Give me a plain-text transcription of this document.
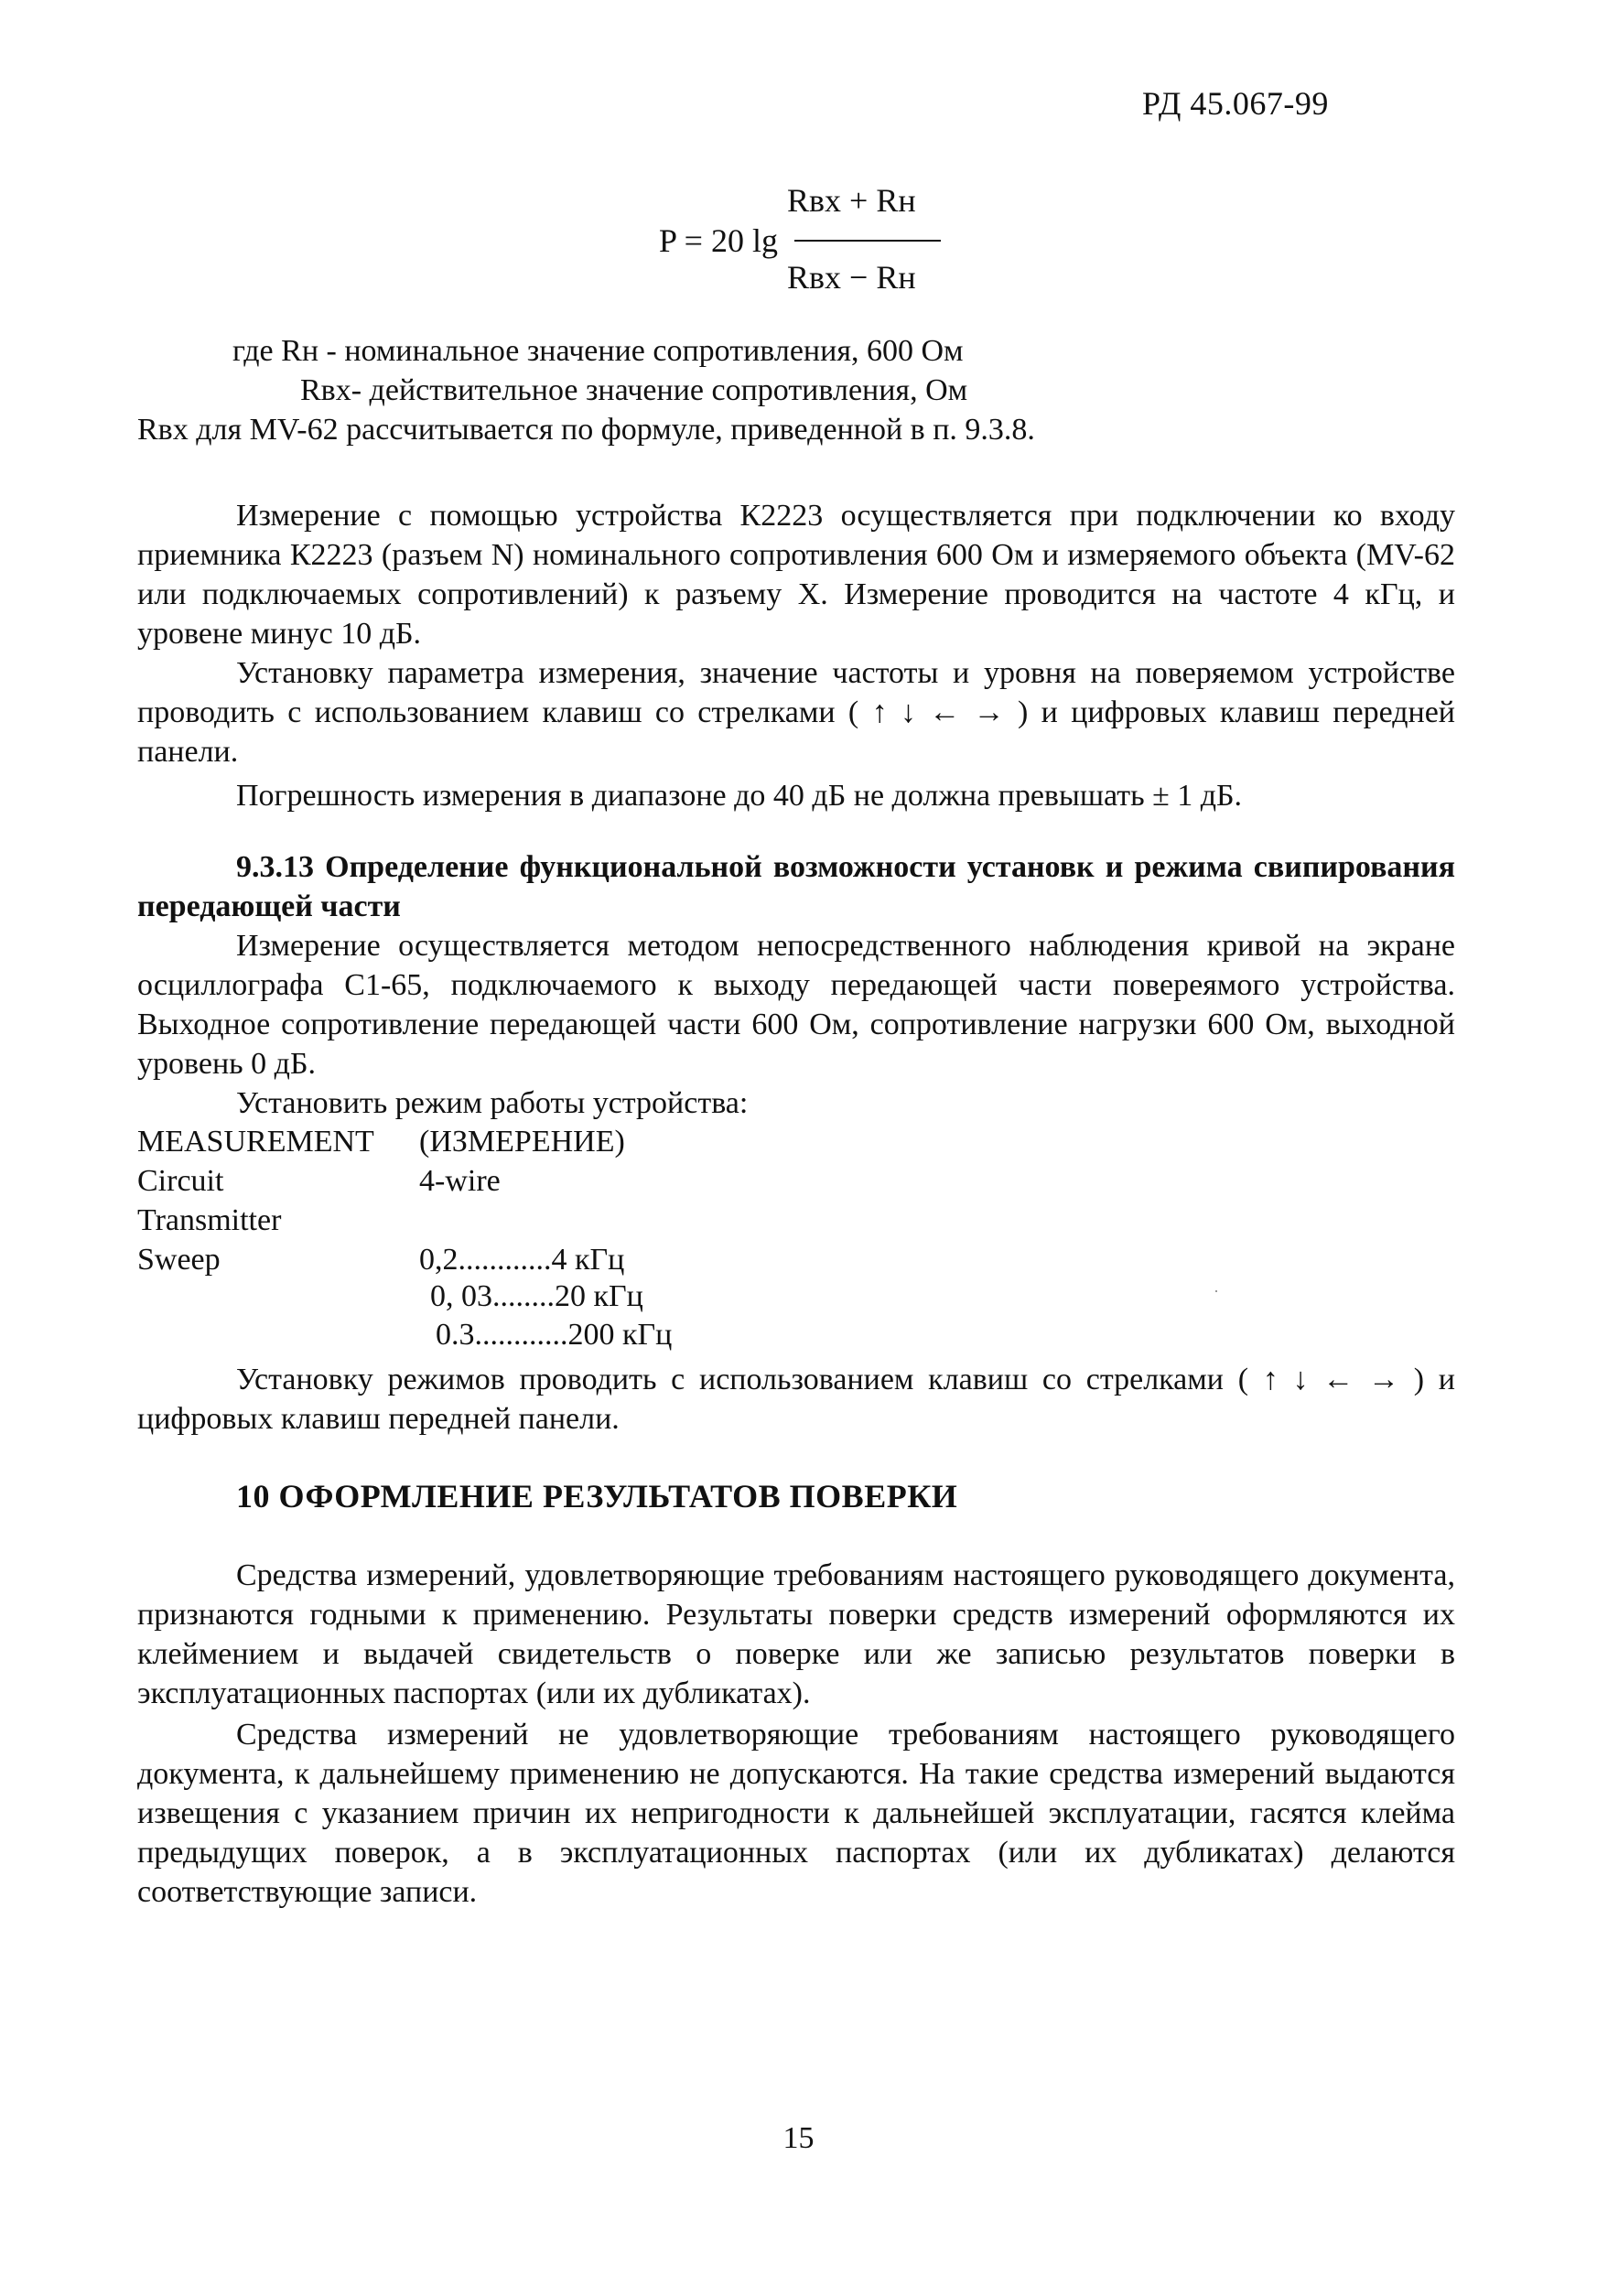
РД 45.067-99
P = 20 lg
Rвх + Rн
Rвх − Rн
где Rн - номинальное значение сопротивления, 600 Ом
Rвх- действительное значение сопротивления, Ом
Rвх для MV-62 рассчитывается по формуле, приведенной в п. 9.3.8.
Измерение с помощью устройства К2223 осуществляется при подключении ко входу приемника К2223 (разъем N) номинального сопротивления 600 Ом и измеряемого объекта (MV-62 или подключаемых сопротивлений) к разъему X. Измерение проводится на частоте 4 кГц, и уровене минус 10 дБ.
Установку параметра измерения, значение частоты и уровня на поверяемом устройстве проводить с использованием клавиш со стрелками ( ↑ ↓ ← → ) и цифровых клавиш передней панели.
Погрешность измерения в диапазоне до 40 дБ не должна превышать ± 1 дБ.
9.3.13 Определение функциональной возможности установк и режима свипирования передающей части
Измерение осуществляется методом непосредственного наблюдения кривой на экране осциллографа С1-65, подключаемого к выходу передающей части повереямого устройства. Выходное сопротивление передающей части 600 Ом, сопротивление нагрузки 600 Ом, выходной уровень 0 дБ.
Установить режим работы устройства:
MEASUREMENT (ИЗМЕРЕНИЕ)
Circuit	4-wire
Transmitter
Sweep	0,2............4 кГц
0, 03........20 кГц
0.3............200 кГц
Установку режимов проводить с использованием клавиш со стрелками ( ↑ ↓ ← → ) и цифровых клавиш передней панели.
10 ОФОРМЛЕНИЕ РЕЗУЛЬТАТОВ ПОВЕРКИ
Средства измерений, удовлетворяющие требованиям настоящего руководящего документа, признаются годными к применению. Результаты поверки средств измерений оформляются их клеймением и выдачей свидетельств о поверке или же записью результатов поверки в эксплуатационных паспортах (или их дубликатах).
Средства измерений не удовлетворяющие требованиям настоящего руководящего документа, к дальнейшему применению не допускаются. На такие средства измерений выдаются извещения с указанием причин их непригодности к дальнейшей эксплуатации, гасятся клейма предыдущих поверок, а в эксплуатационных паспортах (или их дубликатах) делаются соответствующие записи.
15
